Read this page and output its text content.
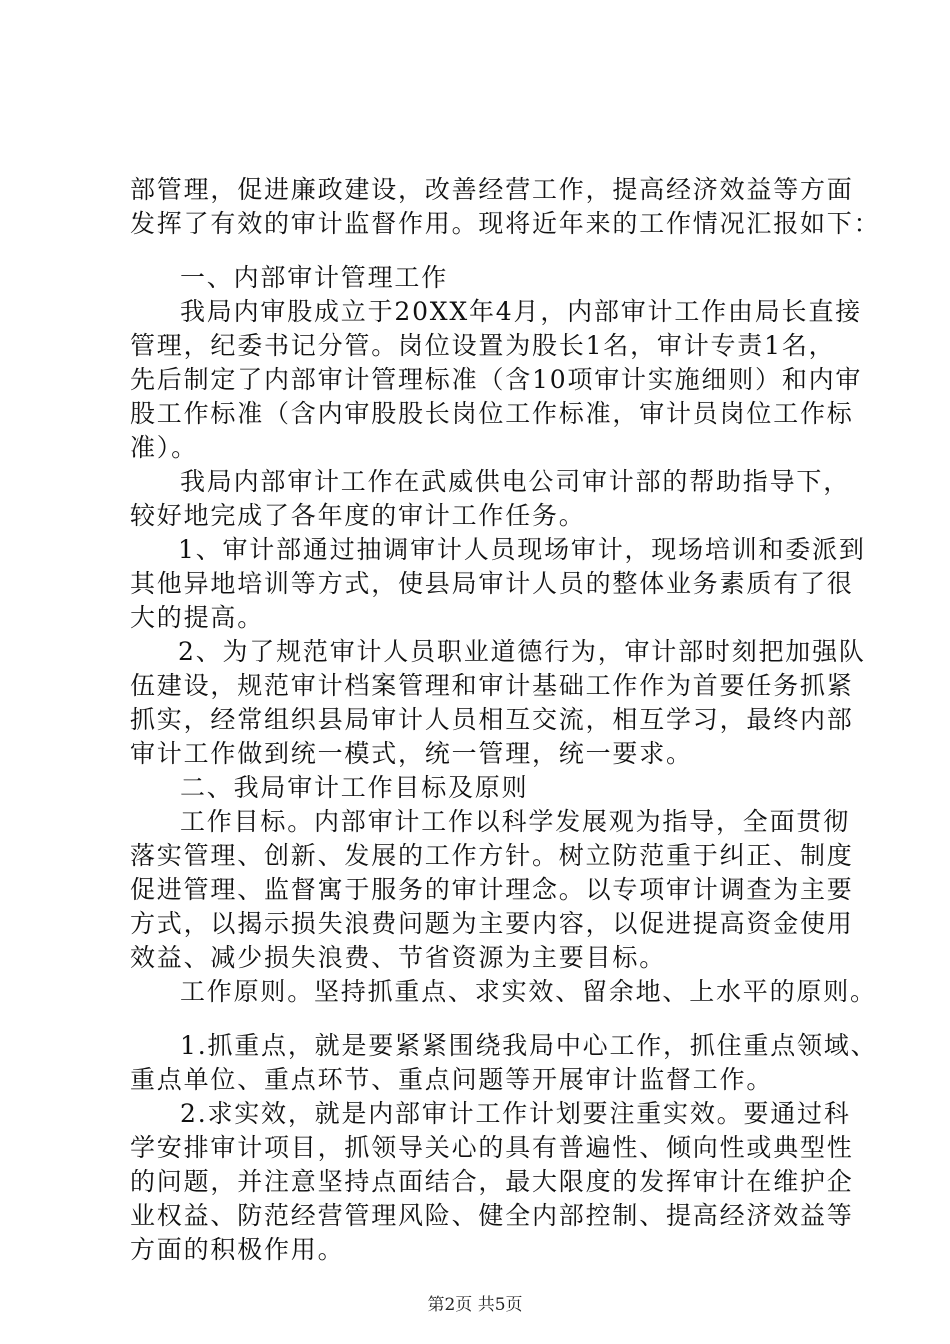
部管理，促进廉政建设，改善经营工作，提高经济效益等方面
发挥了有效的审计监督作用。现将近年来的工作情况汇报如下：
一、内部审计管理工作
我局内审股成立于20XX年4月，内部审计工作由局长直接
管理，纪委书记分管。岗位设置为股长1名，审计专责1名，
先后制定了内部审计管理标准（含10项审计实施细则）和内审
股工作标准（含内审股股长岗位工作标准，审计员岗位工作标
准）。
我局内部审计工作在武威供电公司审计部的帮助指导下，
较好地完成了各年度的审计工作任务。
1、审计部通过抽调审计人员现场审计，现场培训和委派到
其他异地培训等方式，使县局审计人员的整体业务素质有了很
大的提高。
2、为了规范审计人员职业道德行为，审计部时刻把加强队
伍建设，规范审计档案管理和审计基础工作作为首要任务抓紧
抓实，经常组织县局审计人员相互交流，相互学习，最终内部
审计工作做到统一模式，统一管理，统一要求。
二、我局审计工作目标及原则
工作目标。内部审计工作以科学发展观为指导，全面贯彻
落实管理、创新、发展的工作方针。树立防范重于纠正、制度
促进管理、监督寓于服务的审计理念。以专项审计调查为主要
方式，以揭示损失浪费问题为主要内容，以促进提高资金使用
效益、减少损失浪费、节省资源为主要目标。
工作原则。坚持抓重点、求实效、留余地、上水平的原则。
1.抓重点，就是要紧紧围绕我局中心工作，抓住重点领域、
重点单位、重点环节、重点问题等开展审计监督工作。
2.求实效，就是内部审计工作计划要注重实效。要通过科
学安排审计项目，抓领导关心的具有普遍性、倾向性或典型性
的问题，并注意坚持点面结合，最大限度的发挥审计在维护企
业权益、防范经营管理风险、健全内部控制、提高经济效益等
方面的积极作用。
第2页 共5页
